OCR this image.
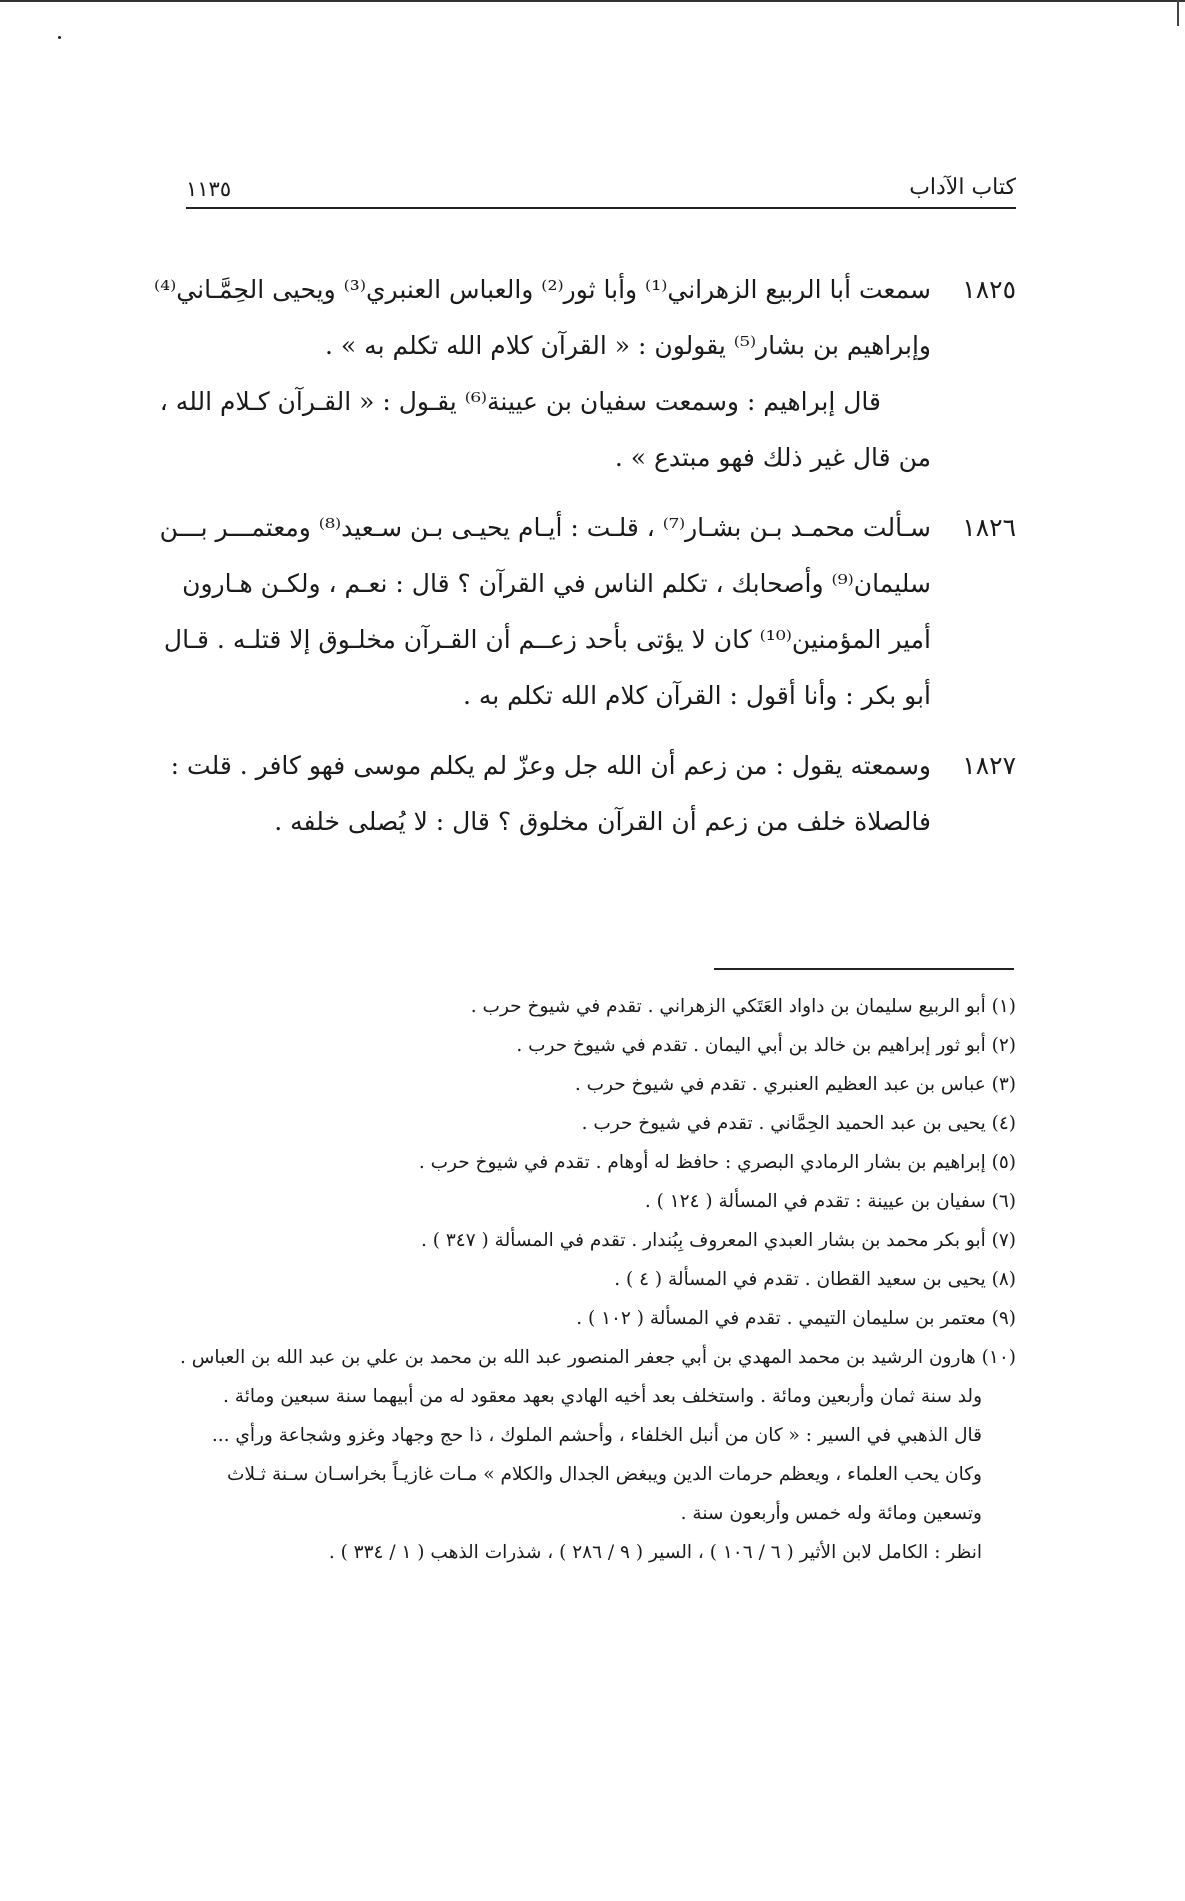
كتاب الآداب
١١٣٥
١٨٢٥
سمعت أبا الربيع الزهراني⁽¹⁾ وأبا ثور⁽²⁾ والعباس العنبري⁽³⁾ ويحيى الحِمَّـاني⁽⁴⁾
وإبراهيم بن بشار⁽⁵⁾ يقولون : « القرآن كلام الله تكلم به » .
قال إبراهيم : وسمعت سفيان بن عيينة⁽⁶⁾ يقـول : « القـرآن كـلام الله ،
من قال غير ذلك فهو مبتدع » .
١٨٢٦
سـألت محمـد بـن بشـار⁽⁷⁾ ، قلـت : أيـام يحيـى بـن سـعيد⁽⁸⁾ ومعتمـــر بـــن
سليمان⁽⁹⁾ وأصحابك ، تكلم الناس في القرآن ؟ قال : نعـم ، ولكـن هـارون
أمير المؤمنين⁽¹⁰⁾ كان لا يؤتى بأحد زعــم أن القـرآن مخلـوق إلا قتلـه . قـال
أبو بكر : وأنا أقول : القرآن كلام الله تكلم به .
١٨٢٧
وسمعته يقول : من زعم أن الله جل وعزّ لم يكلم موسى فهو كافر . قلت :
فالصلاة خلف من زعم أن القرآن مخلوق ؟ قال : لا يُصلى خلفه .
(١) أبو الربيع سليمان بن داواد العَتَكي الزهراني . تقدم في شيوخ حرب .
(٢) أبو ثور إبراهيم بن خالد بن أبي اليمان . تقدم في شيوخ حرب .
(٣) عباس بن عبد العظيم العنبري . تقدم في شيوخ حرب .
(٤) يحيى بن عبد الحميد الحِمَّاني . تقدم في شيوخ حرب .
(٥) إبراهيم بن بشار الرمادي البصري : حافظ له أوهام . تقدم في شيوخ حرب .
(٦) سفيان بن عيينة : تقدم في المسألة ( ١٢٤ ) .
(٧) أبو بكر محمد بن بشار العبدي المعروف بِبُندار . تقدم في المسألة ( ٣٤٧ ) .
(٨) يحيى بن سعيد القطان . تقدم في المسألة ( ٤ ) .
(٩) معتمر بن سليمان التيمي . تقدم في المسألة ( ١٠٢ ) .
(١٠) هارون الرشيد بن محمد المهدي بن أبي جعفر المنصور عبد الله بن محمد بن علي بن عبد الله بن العباس .
ولد سنة ثمان وأربعين ومائة . واستخلف بعد أخيه الهادي بعهد معقود له من أبيهما سنة سبعين ومائة .
قال الذهبي في السير : « كان من أنبل الخلفاء ، وأحشم الملوك ، ذا حج وجهاد وغزو وشجاعة ورأي ...
وكان يحب العلماء ، ويعظم حرمات الدين ويبغض الجدال والكلام » مـات غازيـاً بخراسـان سـنة ثـلاث
وتسعين ومائة وله خمس وأربعون سنة .
انظر : الكامل لابن الأثير ( ٦ / ١٠٦ ) ، السير ( ٩ / ٢٨٦ ) ، شذرات الذهب ( ١ / ٣٣٤ ) .
